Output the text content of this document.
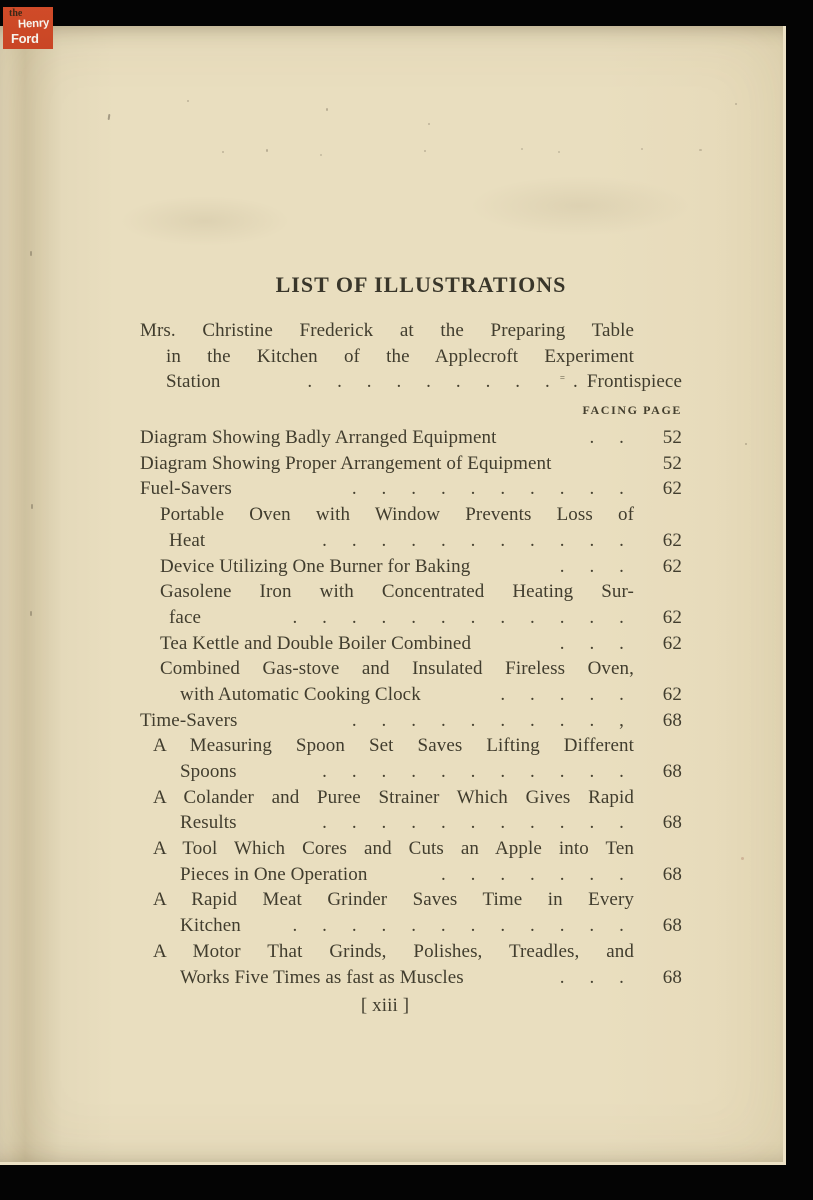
LIST OF ILLUSTRATIONS
Mrs. Christine Frederick at the Preparing Table
in the Kitchen of the Applecroft Experiment
Station	. . . . . . . . .	= . Frontispiece
FACING PAGE
Diagram Showing Badly Arranged Equipment	. .	52
Diagram Showing Proper Arrangement of Equipment	52
Fuel-Savers	. . . . . . . . . .	62
Portable Oven with Window Prevents Loss of
Heat	. . . . . . . . . . .	62
Device Utilizing One Burner for Baking	. . .	62
Gasolene Iron with Concentrated Heating Sur-
face	. . . . . . . . . . . .	62
Tea Kettle and Double Boiler Combined	. . .	62
Combined Gas-stove and Insulated Fireless Oven,
with Automatic Cooking Clock	. . . . .	62
Time-Savers	. . . . . . . . . ,	68
A Measuring Spoon Set Saves Lifting Different
Spoons	. . . . . . . . . . .	68
A Colander and Puree Strainer Which Gives Rapid
Results	. . . . . . . . . . .	68
A Tool Which Cores and Cuts an Apple into Ten
Pieces in One Operation	. . . . . . .	68
A Rapid Meat Grinder Saves Time in Every
Kitchen	. . . . . . . . . . . .	68
A Motor That Grinds, Polishes, Treadles, and
Works Five Times as fast as Muscles	. . .	68
[ xiii ]
the
Henry
Ford
